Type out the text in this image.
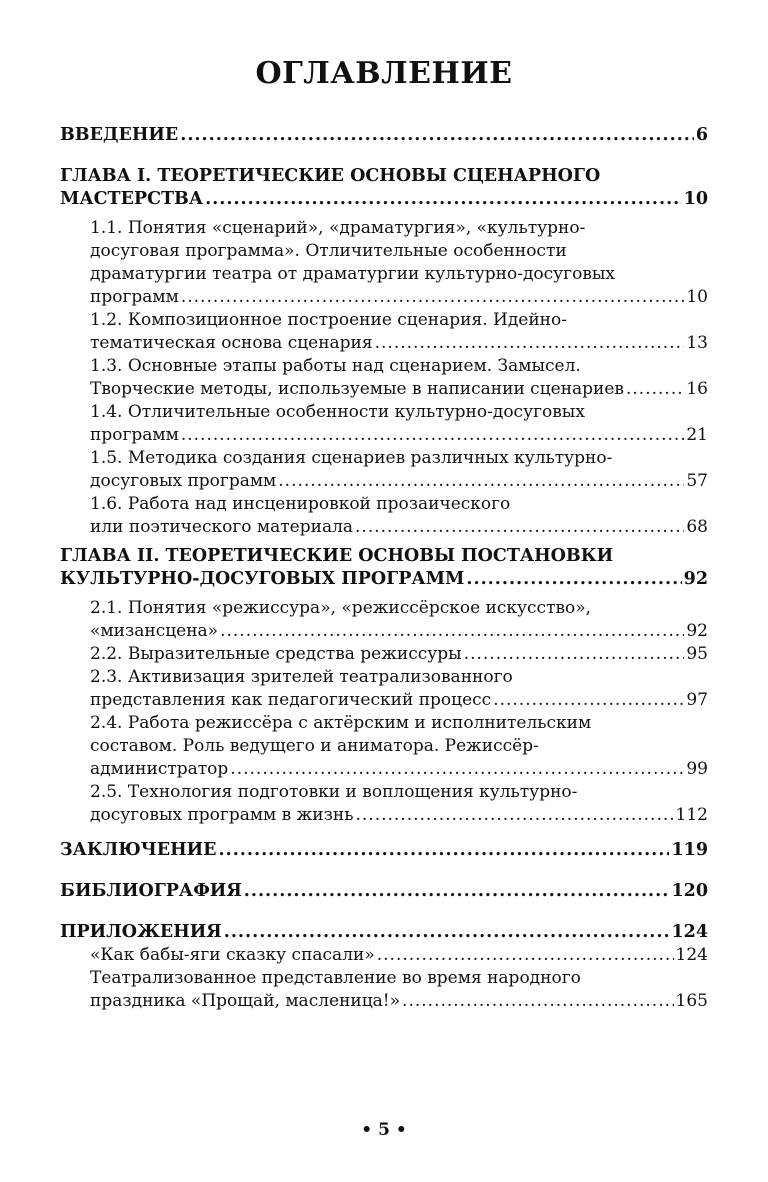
ОГЛАВЛЕНИЕ
ВВЕДЕНИЕ .....	6
ГЛАВА I. ТЕОРЕТИЧЕСКИЕ ОСНОВЫ СЦЕНАРНОГО
МАСТЕРСТВА .....	10
1.1. Понятия «сценарий», «драматургия», «культурно-
досуговая программа». Отличительные особенности
драматургии театра от драматургии культурно-досуговых
программ .....	10
1.2. Композиционное построение сценария. Идейно-
тематическая основа сценария .....	13
1.3. Основные этапы работы над сценарием. Замысел.
Творческие методы, используемые в написании сценариев .....	16
1.4. Отличительные особенности культурно-досуговых
программ .....	21
1.5. Методика создания сценариев различных культурно-
досуговых программ .....	57
1.6. Работа над инсценировкой прозаического
или поэтического материала .....	68
ГЛАВА II. ТЕОРЕТИЧЕСКИЕ ОСНОВЫ ПОСТАНОВКИ
КУЛЬТУРНО-ДОСУГОВЫХ ПРОГРАММ .....	92
2.1. Понятия «режиссура», «режиссёрское искусство»,
«мизансцена» .....	92
2.2. Выразительные средства режиссуры .....	95
2.3. Активизация зрителей театрализованного
представления как педагогический процесс .....	97
2.4. Работа режиссёра с актёрским и исполнительским
составом. Роль ведущего и аниматора. Режиссёр-
администратор .....	99
2.5. Технология подготовки и воплощения культурно-
досуговых программ в жизнь .....	112
ЗАКЛЮЧЕНИЕ .....	119
БИБЛИОГРАФИЯ .....	120
ПРИЛОЖЕНИЯ .....	124
«Как бабы-яги сказку спасали» .....	124
Театрализованное представление во время народного
праздника «Прощай, масленица!» .....	165
• 5 •
